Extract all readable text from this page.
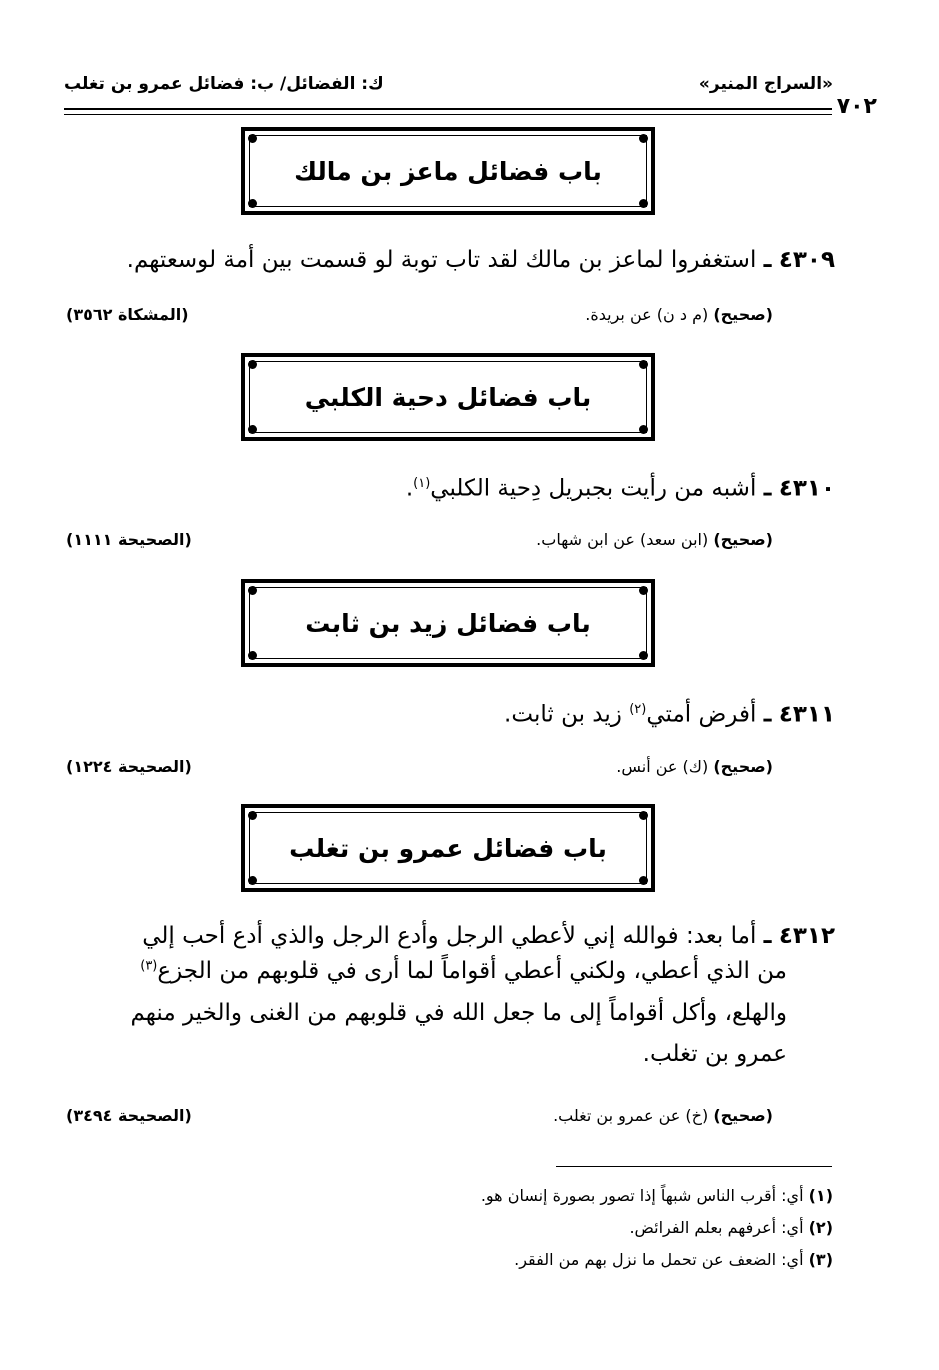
«السراج المنير»
ك: الفضائل/ ب: فضائل عمرو بن تغلب
٧٠٢
باب فضائل ماعز بن مالك
٤٣٠٩ ـ استغفروا لماعز بن مالك لقد تاب توبة لو قسمت بين أمة لوسعتهم.
(صحيح) (م د ن) عن بريدة.
(المشكاة ٣٥٦٢)
باب فضائل دحية الكلبي
٤٣١٠ ـ أشبه من رأيت بجبريل دِحية الكلبي$^{(١)}$.
(صحيح) (ابن سعد) عن ابن شهاب.
(الصحيحة ١١١١)
باب فضائل زيد بن ثابت
٤٣١١ ـ أفرض أمتي$^{(٢)}$ زيد بن ثابت.
(صحيح) (ك) عن أنس.
(الصحيحة ١٢٢٤)
باب فضائل عمرو بن تغلب
٤٣١٢ ـ أما بعد: فوالله إني لأعطي الرجل وأدع الرجل والذي أدع أحب إلي
من الذي أعطي، ولكني أعطي أقواماً لما أرى في قلوبهم من الجزع$^{(٣)}$
والهلع، وأكل أقواماً إلى ما جعل الله في قلوبهم من الغنى والخير منهم
عمرو بن تغلب.
(صحيح) (خ) عن عمرو بن تغلب.
(الصحيحة ٣٤٩٤)
(١) أي: أقرب الناس شبهاً إذا تصور بصورة إنسان هو.
(٢) أي: أعرفهم بعلم الفرائض.
(٣) أي: الضعف عن تحمل ما نزل بهم من الفقر.
